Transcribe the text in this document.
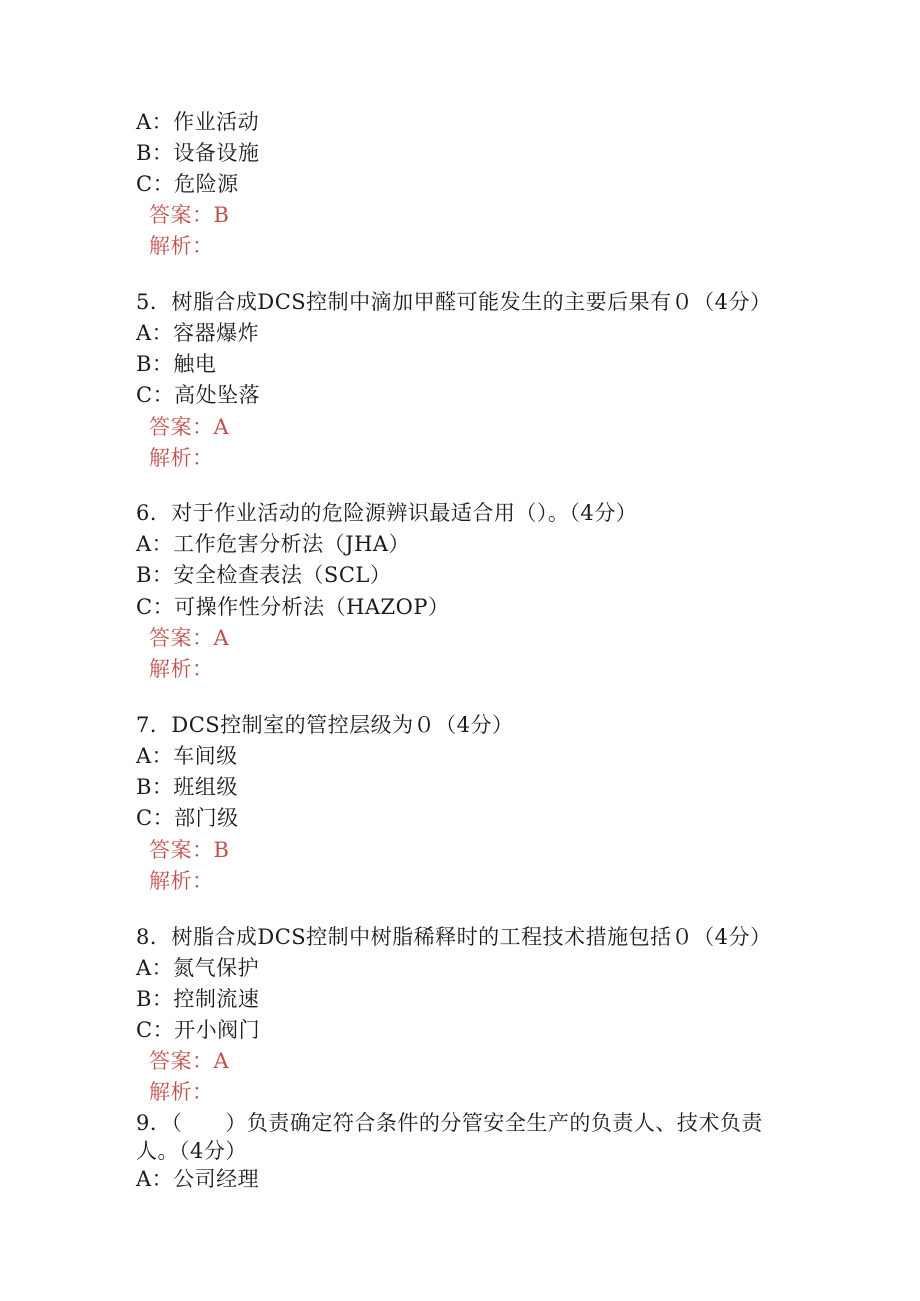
A：作业活动
B：设备设施
C：危险源
答案：B
解析：
5．树脂合成DCS控制中滴加甲醛可能发生的主要后果有０（4分）
A：容器爆炸
B：触电
C：高处坠落
答案：A
解析：
6．对于作业活动的危险源辨识最适合用（）。（4分）
A：工作危害分析法（JHA）
B：安全检查表法（SCL）
C：可操作性分析法（HAZOP）
答案：A
解析：
7．DCS控制室的管控层级为０（4分）
A：车间级
B：班组级
C：部门级
答案：B
解析：
8．树脂合成DCS控制中树脂稀释时的工程技术措施包括０（4分）
A：氮气保护
B：控制流速
C：开小阀门
答案：A
解析：
9．（　　）负责确定符合条件的分管安全生产的负责人、技术负责
人。（4分）
A：公司经理
